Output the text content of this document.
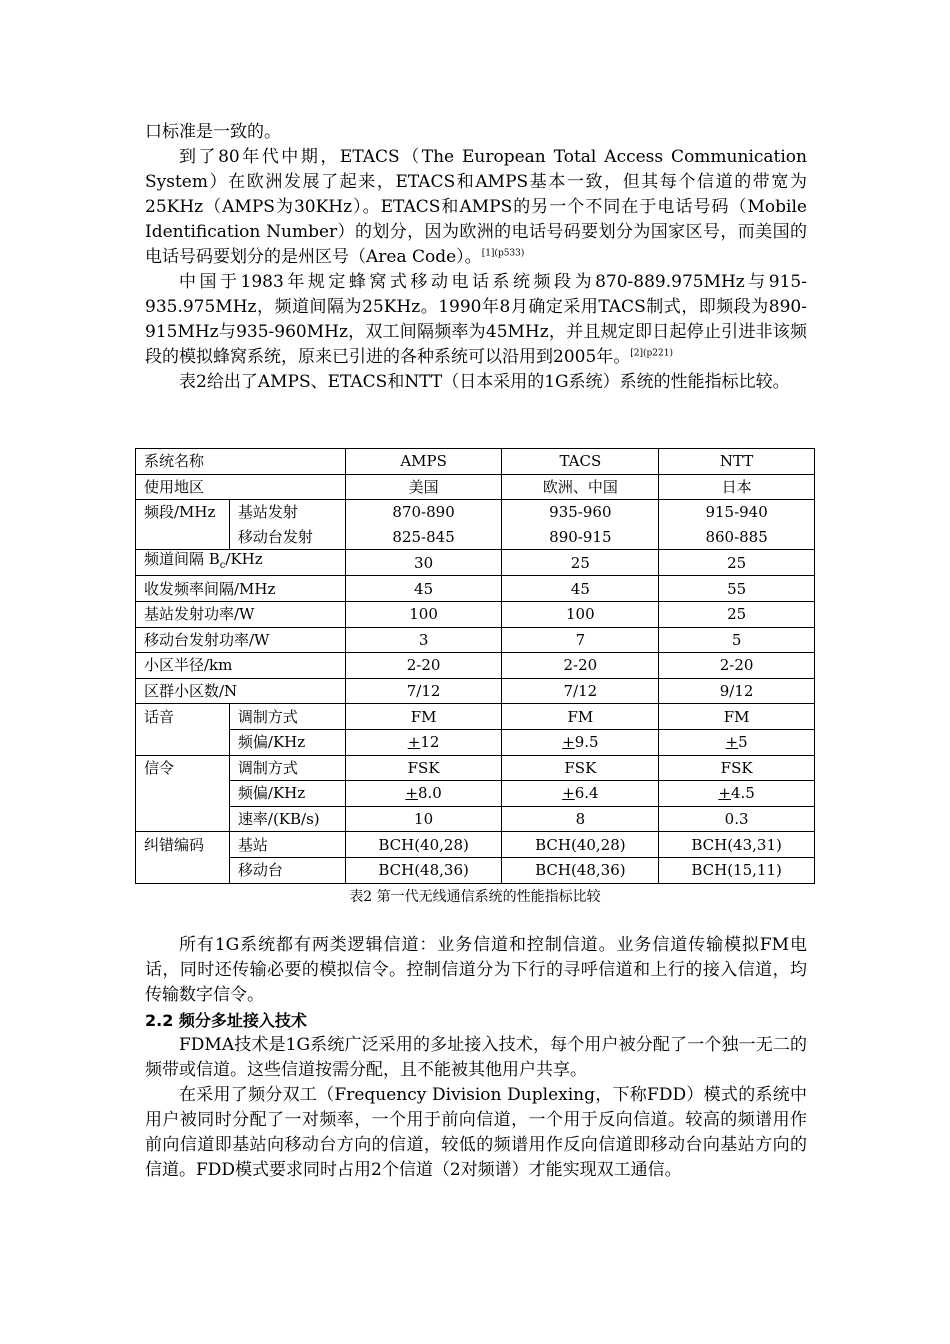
口标准是一致的。

到了80年代中期，ETACS（The European Total Access Communication System）在欧洲发展了起来，ETACS和AMPS基本一致，但其每个信道的带宽为25KHz（AMPS为30KHz）。ETACS和AMPS的另一个不同在于电话号码（Mobile Identification Number）的划分，因为欧洲的电话号码要划分为国家区号，而美国的电话号码要划分的是州区号（Area Code）。$^{[1](p533)}$

中国于1983年规定蜂窝式移动电话系统频段为870-889.975MHz与915-935.975MHz，频道间隔为25KHz。1990年8月确定采用TACS制式，即频段为890-915MHz与935-960MHz，双工间隔频率为45MHz，并且规定即日起停止引进非该频段的模拟蜂窝系统，原来已引进的各种系统可以沿用到2005年。$^{[2](p221)}$

表2给出了AMPS、ETACS和NTT（日本采用的1G系统）系统的性能指标比较。

系统名称		AMPS	TACS	NTT
使用地区		美国	欧洲、中国	日本
频段/MHz	基站发射	870-890	935-960	915-940
	移动台发射	825-845	890-915	860-885
频道间隔 $B_c$/KHz		30	25	25
收发频率间隔/MHz		45	45	55
基站发射功率/W		100	100	25
移动台发射功率/W		3	7	5
小区半径/km		2-20	2-20	2-20
区群小区数/N		7/12	7/12	9/12
话音	调制方式	FM	FM	FM
	频偏/KHz	+12	+9.5	+5
信令	调制方式	FSK	FSK	FSK
	频偏/KHz	+8.0	+6.4	+4.5
	速率/(KB/s)	10	8	0.3
纠错编码	基站	BCH(40,28)	BCH(40,28)	BCH(43,31)
	移动台	BCH(48,36)	BCH(48,36)	BCH(15,11)
表2 第一代无线通信系统的性能指标比较

所有1G系统都有两类逻辑信道：业务信道和控制信道。业务信道传输模拟FM电话，同时还传输必要的模拟信令。控制信道分为下行的寻呼信道和上行的接入信道，均传输数字信令。

2.2 频分多址接入技术

FDMA技术是1G系统广泛采用的多址接入技术，每个用户被分配了一个独一无二的频带或信道。这些信道按需分配，且不能被其他用户共享。

在采用了频分双工（Frequency Division Duplexing，下称FDD）模式的系统中用户被同时分配了一对频率，一个用于前向信道，一个用于反向信道。较高的频谱用作前向信道即基站向移动台方向的信道，较低的频谱用作反向信道即移动台向基站方向的信道。FDD模式要求同时占用2个信道（2对频谱）才能实现双工通信。
